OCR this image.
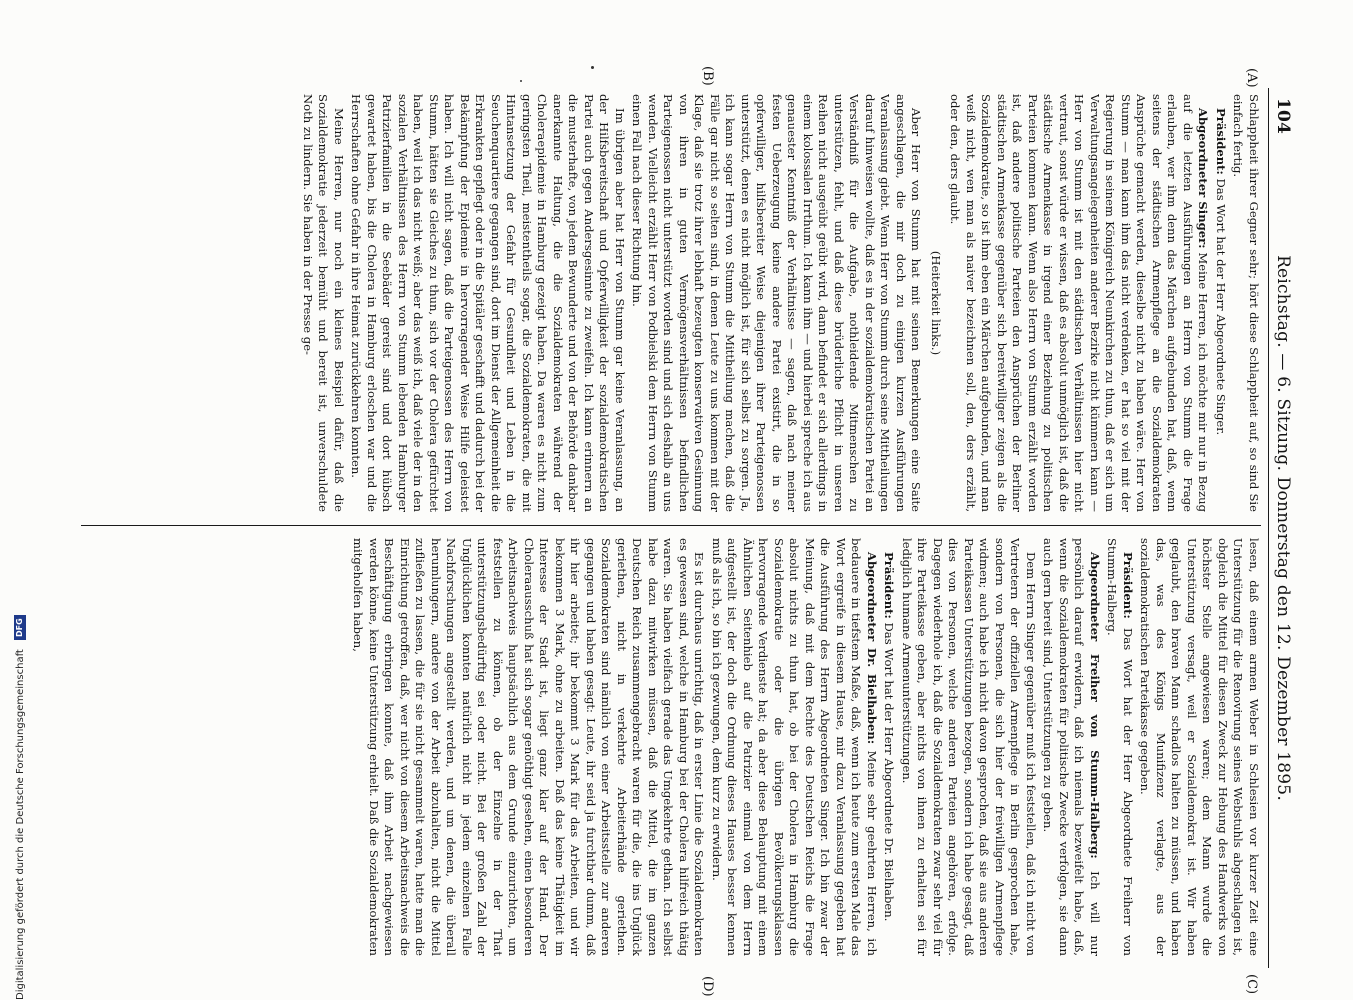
104
Reichstag. — 6. Sitzung. Donnerstag den 12. Dezember 1895.
(A)
(B)
(C)
(D)

Schlappheit ihrer Gegner sehr; hört diese Schlappheit auf, so sind Sie einfach fertig.

Präsident: Das Wort hat der Herr Abgeordnete Singer.

Abgeordneter Singer: Meine Herren, ich möchte mir nur in Bezug auf die letzten Ausführungen an Herrn von Stumm die Frage erlauben, wer ihm denn das Märchen aufgebunden hat, daß, wenn seitens der städtischen Armenpflege an die Sozialdemokraten Ansprüche gemacht werden, dieselbe nicht zu haben wäre. Herr von Stumm — man kann ihm das nicht verdenken, er hat so viel mit der Regierung in seinem Königreich Neunkirchen zu thun, daß er sich um Verwaltungsangelegenheiten anderer Bezirke nicht kümmern kann — Herr von Stumm ist mit den städtischen Verhältnissen hier nicht vertraut, sonst würde er wissen, daß es absolut unmöglich ist, daß die städtische Armenkasse in irgend einer Beziehung zu politischen Parteien kommen kann. Wenn also Herrn von Stumm erzählt worden ist, daß andere politische Parteien den Ansprüchen der Berliner städtischen Armenkasse gegenüber sich bereitwilliger zeigen als die Sozialdemokratie, so ist ihm eben ein Märchen aufgebunden, und man weiß nicht, wen man als naiver bezeichnen soll, den, ders erzählt, oder den, ders glaubt.

(Heiterkeit links.)

Aber Herr von Stumm hat mit seinen Bemerkungen eine Saite angeschlagen, die mir doch zu einigen kurzen Ausführungen Veranlassung giebt. Wenn Herr von Stumm durch seine Mittheilungen darauf hinweisen wollte, daß es in der sozialdemokratischen Partei an Verständniß für die Aufgabe, nothleidende Mitmenschen zu unterstützen, fehlt, und daß diese brüderliche Pflicht in unseren Reihen nicht ausgeübt geübt wird, dann befindet er sich allerdings in einem kolossalen Irrthum. Ich kann ihm — und hierbei spreche ich aus genauester Kenntniß der Verhältnisse — sagen, daß nach meiner festen Ueberzeugung keine andere Partei existirt, die in so opferwilliger, hilfsbereiter Weise diejenigen ihrer Parteigenossen unterstützt, denen es nicht möglich ist, für sich selbst zu sorgen. Ja, ich kann sogar Herrn von Stumm die Mittheilung machen, daß die Fälle gar nicht so selten sind, in denen Leute zu uns kommen mit der Klage, daß sie trotz ihrer lebhaft bezeugten konservativen Gesinnung von ihren in guten Vermögensverhältnissen befindlichen Parteigenossen nicht unterstützt worden sind und sich deshalb an uns wenden. Vielleicht erzählt Herr von Podbielski dem Herrn von Stumm einen Fall nach dieser Richtung hin.

Im übrigen aber hat Herr von Stumm gar keine Veranlassung, an der Hilfsbereitschaft und Opferwilligkeit der sozialdemokratischen Partei auch gegen Andersgesinnte zu zweifeln. Ich kann erinnern an die musterhafte, von jedem Bewunderte und von der Behörde dankbar anerkannte Haltung, die die Sozialdemokraten während der Choleraepidemie in Hamburg gezeigt haben. Da waren es nicht zum geringsten Theil, meistentheils sogar, die Sozialdemokraten, die mit Hintansetzung der Gefahr für Gesundheit und Leben in die Seuchenquartiere gegangen sind, dort im Dienst der Allgemeinheit die Erkrankten gepflegt oder in die Spitäler geschafft und dadurch bei der Bekämpfung der Epidemie in hervorragender Weise Hilfe geleistet haben. Ich will nicht sagen, daß die Parteigenossen des Herrn von Stumm, hätten sie Gleiches zu thun, sich vor der Cholera gefürchtet haben, weil ich das nicht weiß; aber das weiß ich, daß viele der in den sozialen Verhältnissen des Herrn von Stumm lebenden Hamburger Patrizierfamilien in die Seebäder gereist sind und dort hübsch gewartet haben, bis die Cholera in Hamburg erloschen war und die Herrschaften ohne Gefahr in ihre Heimat zurückkehren konnten.

Meine Herren, nur noch ein kleines Beispiel dafür, daß die Sozialdemokratie jederzeit bemüht und bereit ist, unverschuldete Noth zu lindern. Sie haben in der Presse ge-

lesen, daß einem armen Weber in Schlesien vor kurzer Zeit eine Unterstützung für die Renovirung seines Webstuhls abgeschlagen ist, obgleich die Mittel für diesen Zweck zur Hebung des Handwerks von höchster Stelle angewiesen waren; dem Mann wurde die Unterstützung versagt, weil er Sozialdemokrat ist. Wir haben geglaubt, den braven Mann schadlos halten zu müssen, und haben das, was des Königs Munifizenz verlagte, aus der sozialdemokratischen Parteikasse gegeben.

Präsident: Das Wort hat der Herr Abgeordnete Freiherr von Stumm-Halberg.

Abgeordneter Freiher von Stumm-Halberg: Ich will nur persönlich darauf erwidern, daß ich niemals bezweifelt habe, daß, wenn die Sozialdemokraten für politische Zwecke verfolgen, sie dann auch gern bereit sind, Unterstützungen zu geben.

Dem Herrn Singer gegenüber muß ich feststellen, daß ich nicht von Vertretern der offiziellen Armenpflege in Berlin gesprochen habe, sondern von Personen, die sich hier der freiwilligen Armenpflege widmen; auch habe ich nicht davon gesprochen, daß sie aus anderen Parteikassen Unterstützungen bezogen, sondern ich habe gesagt, daß dies von Personen, welche anderen Parteien angehören, erfolge. Dagegen wiederhole ich, daß die Sozialdemokraten zwar sehr viel für ihre Parteikasse geben, aber nichts von ihnen zu erhalten sei für lediglich humane Armenunterstützungen.

Präsident: Das Wort hat der Herr Abgeordnete Dr. Bielhaben.

Abgeordneter Dr. Bielhaben: Meine sehr geehrten Herren, ich bedauere in tiefstem Maße, daß, wenn ich heute zum ersten Male das Wort ergreife in diesem Hause, mir dazu Veranlassung gegeben hat die Ausführung des Herrn Abgeordneten Singer. Ich bin zwar der Meinung, daß mit dem Rechte des Deutschen Reichs die Frage absolut nichts zu thun hat, ob bei der Cholera in Hamburg die Sozialdemokratie oder die übrigen Bevölkerungsklassen hervorragende Verdienste hat; da aber diese Behauptung mit einem Ähnlichen Seitenhieb auf die Patrizier einmal von dem Herrn aufgestellt ist, der doch die Ordnung dieses Hauses besser kennen muß als ich, so bin ich gezwungen, dem kurz zu erwidern.

Es ist durchaus unrichtig, daß in erster Linie die Sozialdemokraten es gewesen sind, welche in Hamburg bei der Cholera hilfreich thätig waren. Sie haben vielfach gerade das Umgekehrte gethan. Ich selbst habe dazu mitwirken müssen, daß die Mittel, die im ganzen Deutschen Reich zusammengebracht waren für die, die ins Unglück geriethen, nicht in verkehrte Arbeiterhände geriethen. Sozialdemokraten sind nämlich von einer Arbeitsstelle zur anderen gegangen und haben gesagt: Leute, ihr seid ja furchtbar dumm, daß ihr hier arbeitet; ihr bekommt 3 Mark für das Arbeiten, und wir bekommen 3 Mark, ohne zu arbeiten. Daß das keine Thätigkeit im Interesse der Stadt ist, liegt ganz klar auf der Hand. Der Choleraausschuß hat sich sogar genöthigt gesehen, einen besonderen Arbeitsnachweis hauptsächlich aus dem Grunde einzurichten, um feststellen zu können, ob der Einzelne in der That unterstützungsbedürftig sei oder nicht. Bei der großen Zahl der Unglücklichen konnten natürlich nicht in jedem einzelnen Falle Nachforschungen angestellt werden, und um denen, die überall herumlungern, andere von der Arbeit abzuhalten, nicht die Mittel zufließen zu lassen, die für sie nicht gesammelt waren, hatte man die Einrichtung getroffen, daß, wer nicht von diesem Arbeitsnachweis die Beschäftigung erbringen konnte, daß ihm Arbeit nachgewiesen werden könne, keine Unterstützung erhielt. Daß die Sozialdemokraten mitgeholfen haben,

Digitalisierung gefördert durch die Deutsche Forschungsgemeinschaft DFG
